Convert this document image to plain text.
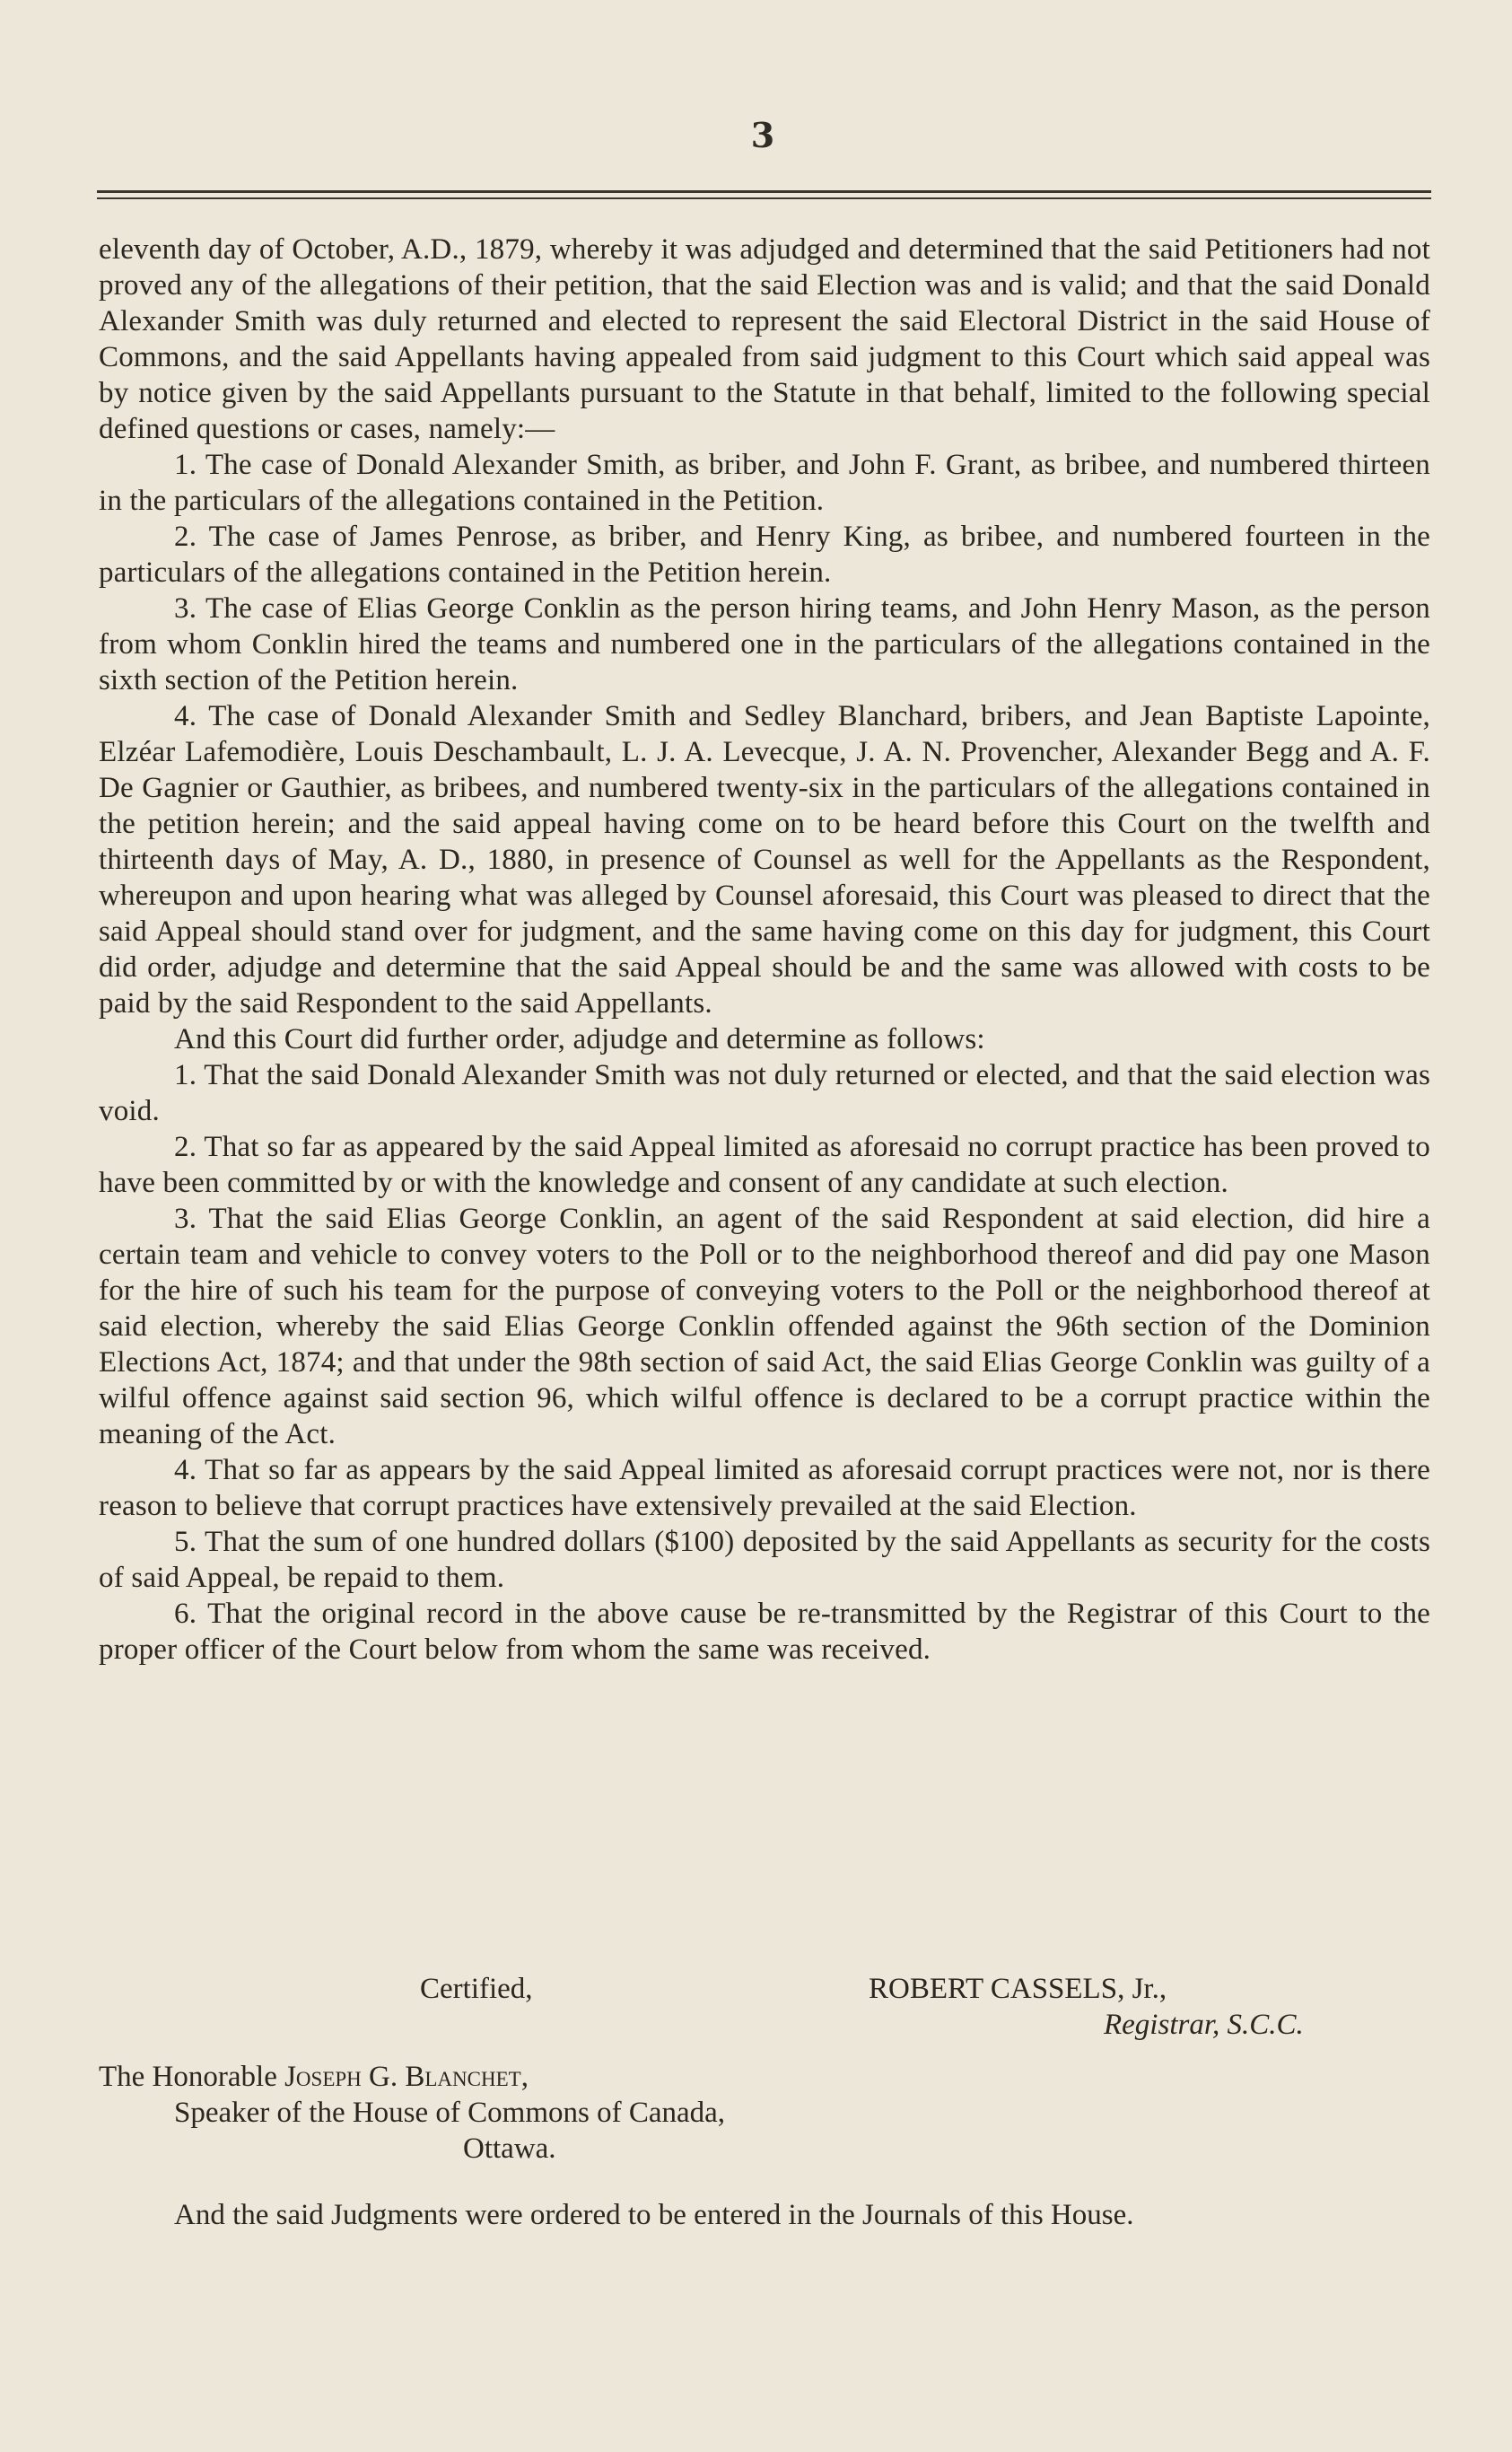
3

eleventh day of October, A.D., 1879, whereby it was adjudged and determined that the said Petitioners had not proved any of the allegations of their petition, that the said Election was and is valid; and that the said Donald Alexander Smith was duly returned and elected to represent the said Electoral District in the said House of Commons, and the said Appellants having appealed from said judgment to this Court which said appeal was by notice given by the said Appellants pursuant to the Statute in that behalf, limited to the following special defined questions or cases, namely:—

1. The case of Donald Alexander Smith, as briber, and John F. Grant, as bribee, and numbered thirteen in the particulars of the allegations contained in the Petition.

2. The case of James Penrose, as briber, and Henry King, as bribee, and numbered fourteen in the particulars of the allegations contained in the Petition herein.

3. The case of Elias George Conklin as the person hiring teams, and John Henry Mason, as the person from whom Conklin hired the teams and numbered one in the particulars of the allegations contained in the sixth section of the Petition herein.

4. The case of Donald Alexander Smith and Sedley Blanchard, bribers, and Jean Baptiste Lapointe, Elzéar Lafemodière, Louis Deschambault, L. J. A. Levecque, J. A. N. Provencher, Alexander Begg and A. F. De Gagnier or Gauthier, as bribees, and numbered twenty-six in the particulars of the allegations contained in the petition herein; and the said appeal having come on to be heard before this Court on the twelfth and thirteenth days of May, A. D., 1880, in presence of Counsel as well for the Appellants as the Respondent, whereupon and upon hearing what was alleged by Counsel aforesaid, this Court was pleased to direct that the said Appeal should stand over for judgment, and the same having come on this day for judgment, this Court did order, adjudge and determine that the said Appeal should be and the same was allowed with costs to be paid by the said Respondent to the said Appellants.

And this Court did further order, adjudge and determine as follows:

1. That the said Donald Alexander Smith was not duly returned or elected, and that the said election was void.

2. That so far as appeared by the said Appeal limited as aforesaid no corrupt practice has been proved to have been committed by or with the knowledge and consent of any candidate at such election.

3. That the said Elias George Conklin, an agent of the said Respondent at said election, did hire a certain team and vehicle to convey voters to the Poll or to the neighborhood thereof and did pay one Mason for the hire of such his team for the purpose of conveying voters to the Poll or the neighborhood thereof at said election, whereby the said Elias George Conklin offended against the 96th section of the Dominion Elections Act, 1874; and that under the 98th section of said Act, the said Elias George Conklin was guilty of a wilful offence against said section 96, which wilful offence is declared to be a corrupt practice within the meaning of the Act.

4. That so far as appears by the said Appeal limited as aforesaid corrupt practices were not, nor is there reason to believe that corrupt practices have extensively prevailed at the said Election.

5. That the sum of one hundred dollars ($100) deposited by the said Appellants as security for the costs of said Appeal, be repaid to them.

6. That the original record in the above cause be re-transmitted by the Registrar of this Court to the proper officer of the Court below from whom the same was received.

Certified,	ROBERT CASSELS, Jr.,
Registrar, S.C.C.
The Honorable Joseph G. Blanchet,
Speaker of the House of Commons of Canada,
Ottawa.

And the said Judgments were ordered to be entered in the Journals of this House.
